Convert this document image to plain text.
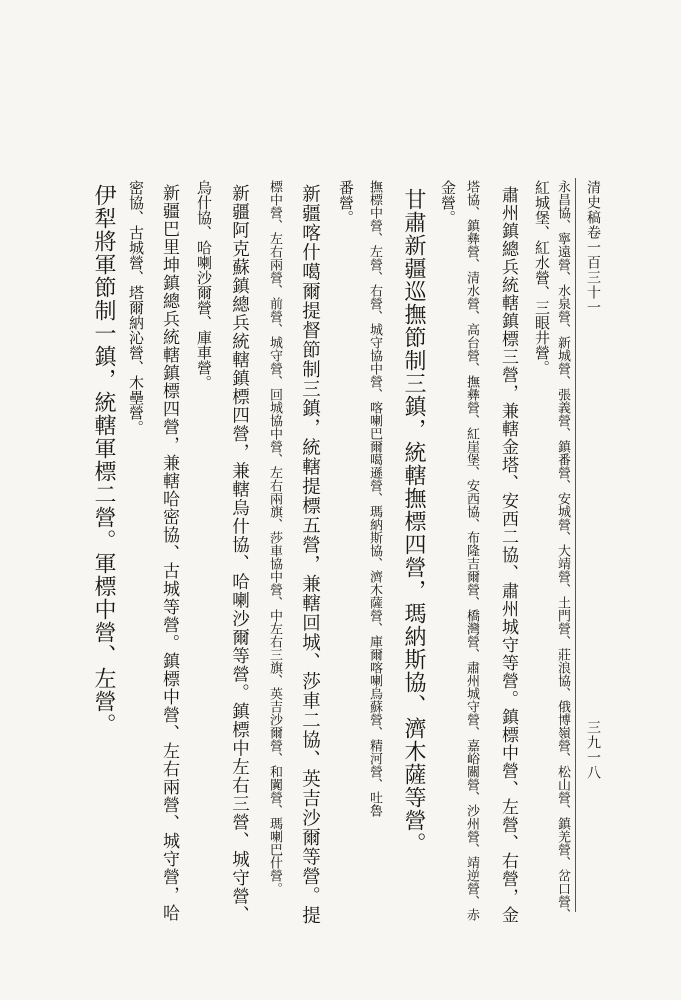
清史稿卷一百三十一
三九一八
永昌協、寧遠營、水泉營、新城營、張義營、鎮番營、安城營、大靖營、土門營、莊浪協、俄博嶺營、松山營、鎮羌營、岔口營、
紅城堡、紅水營、三眼井營。
肅州鎮總兵統轄鎮標三營，兼轄金塔、安西二協、肅州城守等營。鎮標中營、左營、右營，金
塔協、鎮彝營、清水營、高台營、撫彝營、紅崖堡、安西協、布隆吉爾營、橋灣營、肅州城守營、嘉峪關營、沙州營、靖逆營、赤
金營。
甘肅新疆巡撫節制三鎮，統轄撫標四營，瑪納斯協、濟木薩等營。
撫標中營、左營、右營、城守協中營、喀喇巴爾噶遜營、瑪納斯協、濟木薩營、庫爾喀喇烏蘇營、精河營、吐魯
番營。
新疆喀什噶爾提督節制三鎮，統轄提標五營，兼轄回城、莎車二協、英吉沙爾等營。提
標中營、左右兩營、前營、城守營、回城協中營、左右兩旗、莎車協中營、中左右三旗、英吉沙爾營、和闐營、瑪喇巴什營。
新疆阿克蘇鎮總兵統轄鎮標四營，兼轄烏什協、哈喇沙爾等營。鎮標中左右三營、城守營、
烏什協、哈喇沙爾營、庫車營。
新疆巴里坤鎮總兵統轄鎮標四營，兼轄哈密協、古城等營。鎮標中營、左右兩營、城守營，哈
密協、古城營、塔爾納沁營、木壘營。
伊犁將軍節制一鎮，統轄軍標二營。軍標中營、左營。
